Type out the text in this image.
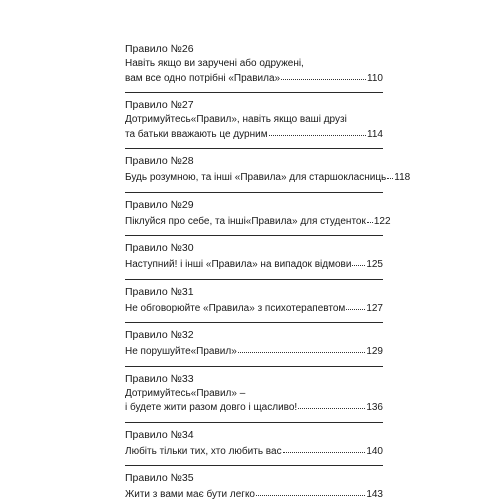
Правило №26
Навіть якщо ви заручені або одружені,
вам все одно потрібні «Правила»	110
Правило №27
Дотримуйтесь«Правил», навіть якщо ваші друзі
та батьки вважають це дурним	114
Правило №28
Будь розумною, та інші «Правила» для старшокласниць 118
Правило №29
Піклуйся про себе, та інші«Правила» для студенток 122
Правило №30
Наступний! і інші «Правила» на випадок відмови 125
Правило №31
Не обговорюйте «Правила» з психотерапевтом 127
Правило №32
Не порушуйте«Правил»	129
Правило №33
Дотримуйтесь«Правил» –
і будете жити разом довго і щасливо!	136
Правило №34
Любіть тільки тих, хто любить вас	140
Правило №35
Жити з вами має бути легко	143
